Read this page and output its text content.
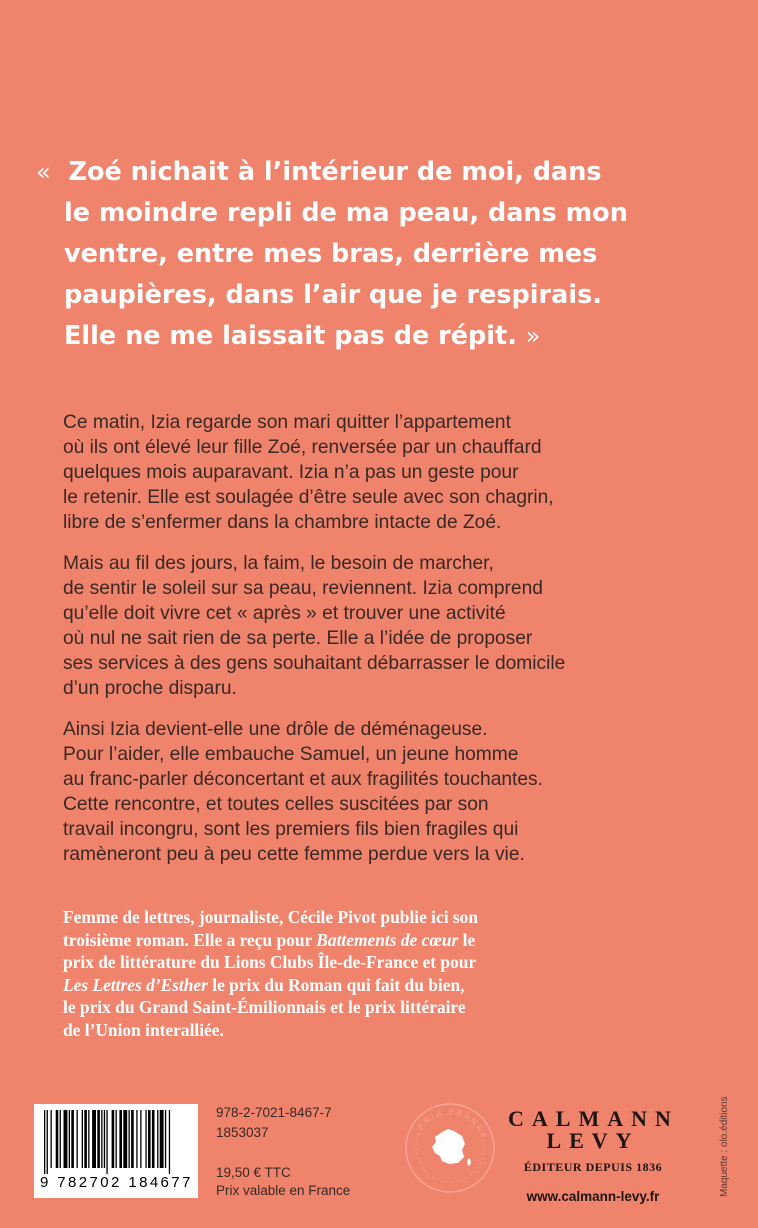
« Zoé nichait à l’intérieur de moi, dans
le moindre repli de ma peau, dans mon
ventre, entre mes bras, derrière mes
paupières, dans l’air que je respirais.
Elle ne me laissait pas de répit. »

Ce matin, Izia regarde son mari quitter l’appartement
où ils ont élevé leur fille Zoé, renversée par un chauffard
quelques mois auparavant. Izia n’a pas un geste pour
le retenir. Elle est soulagée d’être seule avec son chagrin,
libre de s’enfermer dans la chambre intacte de Zoé.

Mais au fil des jours, la faim, le besoin de marcher,
de sentir le soleil sur sa peau, reviennent. Izia comprend
qu’elle doit vivre cet « après » et trouver une activité
où nul ne sait rien de sa perte. Elle a l’idée de proposer
ses services à des gens souhaitant débarrasser le domicile
d’un proche disparu.

Ainsi Izia devient-elle une drôle de déménageuse.
Pour l’aider, elle embauche Samuel, un jeune homme
au franc-parler déconcertant et aux fragilités touchantes.
Cette rencontre, et toutes celles suscitées par son
travail incongru, sont les premiers fils bien fragiles qui
ramèneront peu à peu cette femme perdue vers la vie.

Femme de lettres, journaliste, Cécile Pivot publie ici son
troisième roman. Elle a reçu pour Battements de cœur le
prix de littérature du Lions Clubs Île-de-France et pour
Les Lettres d’Esther le prix du Roman qui fait du bien,
le prix du Grand Saint-Émilionnais et le prix littéraire
de l’Union interalliée.
9 782702 184677
978-2-7021-8467-7
1853037
19,50 € TTC
Prix valable en France
PRIX FRANCE
CALMANN
LEVY
ÉDITEUR DEPUIS 1836
www.calmann-levy.fr	Maquette : olo.éditions
